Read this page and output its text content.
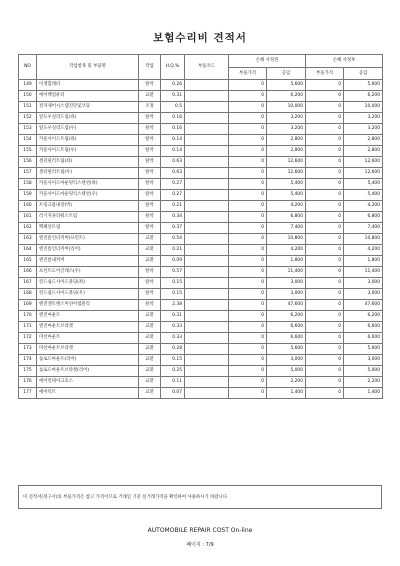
보험수리비 견적서
NO	작업항목 및 부품명	작업	H.Q.%	부품코드	손해 사정전		손해 사정후	
					부품가격	공임	부품가격	공임
149	이생합레터	탈착	0.26		0	5,600	0	5,600
150	에어백컴퓨터	교환	0.31		0	6,200	0	6,200
151	전자제어시스템진단및코딩	조정	0.5		0	10,000	0	10,000
152	앞도우실리드립(좌)	탈착	0.16		0	3,200	0	3,200
153	앞도우실리드립(우)	탈착	0.16		0	3,200	0	3,200
154	카울사이드트림(좌)	탈착	0.14		0	2,800	0	2,800
155	카울사이드트림(우)	탈착	0.14		0	2,800	0	2,800
156	센터필러트림(좌)	탈착	0.63		0	12,600	0	12,600
157	센터필러트림(우)	탈착	0.63		0	12,600	0	12,600
158	카울사이드마운팅익스텐션(좌)	탈착	0.27		0	5,400	0	5,400
159	카울사이드마운팅익스텐션(우)	탈착	0.27		0	5,400	0	5,400
160	트렁크룸내장(벽)	탈착	0.21		0	4,200	0	4,200
161	러기지플라워스트립	탈착	0.34		0	6,800	0	6,800
162	백패널트림	탈착	0.37		0	7,400	0	7,400
163	엔진룸언더커버(프런트)	교환	0.54		0	10,800	0	10,800
164	엔진룸언더커버(리어)	교환	0.21		0	4,200	0	4,200
165	엔진룸내커버	교환	0.09		0	1,800	0	1,800
166	프런트도어글래스(우)	탈착	0.57		0	11,400	0	11,400
167	윈드쉴드사이드몰딩(좌)	탈착	0.15		0	3,000	0	3,000
168	윈드쉴드사이드몰딩(우)	탈착	0.15		0	3,000	0	3,000
169	엔진앤트랜스미션어셈블리	탈착	2.38		0	47,600	0	47,600
170	엔진마운트	교환	0.31		0	6,200	0	6,200
171	엔진마운트브라켓	교환	0.33		0	6,600	0	6,600
172	미션마운트	교환	0.33		0	6,600	0	6,600
173	미션마운트브라켓	교환	0.28		0	5,600	0	5,600
174	롤로드마운트(리어)	교환	0.15		0	3,000	0	3,000
175	롤로드마운트브라켓(리어)	교환	0.25		0	5,000	0	5,000
176	에어컨테이크호스	교환	0.11		0	2,200	0	2,200
177	에어덕트	교환	0.07		0	1,400	0	1,400
이 견적서(정구서)의 부품가격은 참고 가격이므로 거래일 기준 실거래가격을 확인하여 사용하시기 바랍니다.
AUTOMOBILE REPAIR COST On-line
페이지 : 7/9
